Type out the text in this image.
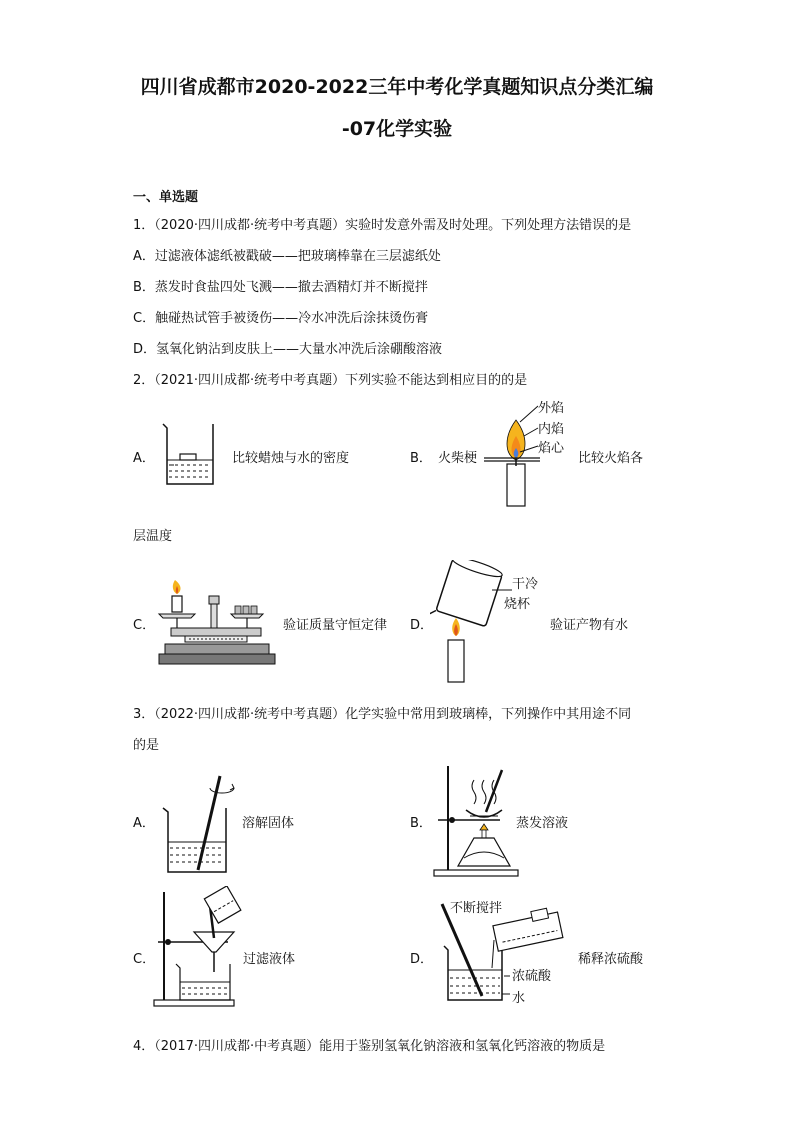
四川省成都市2020-2022三年中考化学真题知识点分类汇编
-07化学实验
一、单选题
1．（2020·四川成都·统考中考真题）实验时发意外需及时处理。下列处理方法错误的是
A．过滤液体滤纸被戳破——把玻璃棒靠在三层滤纸处
B．蒸发时食盐四处飞溅——撤去酒精灯并不断搅拌
C．触碰热试管手被烫伤——冷水冲洗后涂抹烫伤膏
D．氢氧化钠沾到皮肤上——大量水冲洗后涂硼酸溶液
2．（2021·四川成都·统考中考真题）下列实验不能达到相应目的的是
A．	比较蜡烛与水的密度	B． 火柴梗
外焰
内焰
焰心
比较火焰各
层温度
C．	验证质量守恒定律 D．
干冷
烧杯
验证产物有水
3．（2022·四川成都·统考中考真题）化学实验中常用到玻璃棒，下列操作中其用途不同
的是
A．	溶解固体	B．	蒸发溶液
C．	过滤液体	D．
不断搅拌
浓硫酸
水
稀释浓硫酸
4．（2017·四川成都·中考真题）能用于鉴别氢氧化钠溶液和氢氧化钙溶液的物质是
